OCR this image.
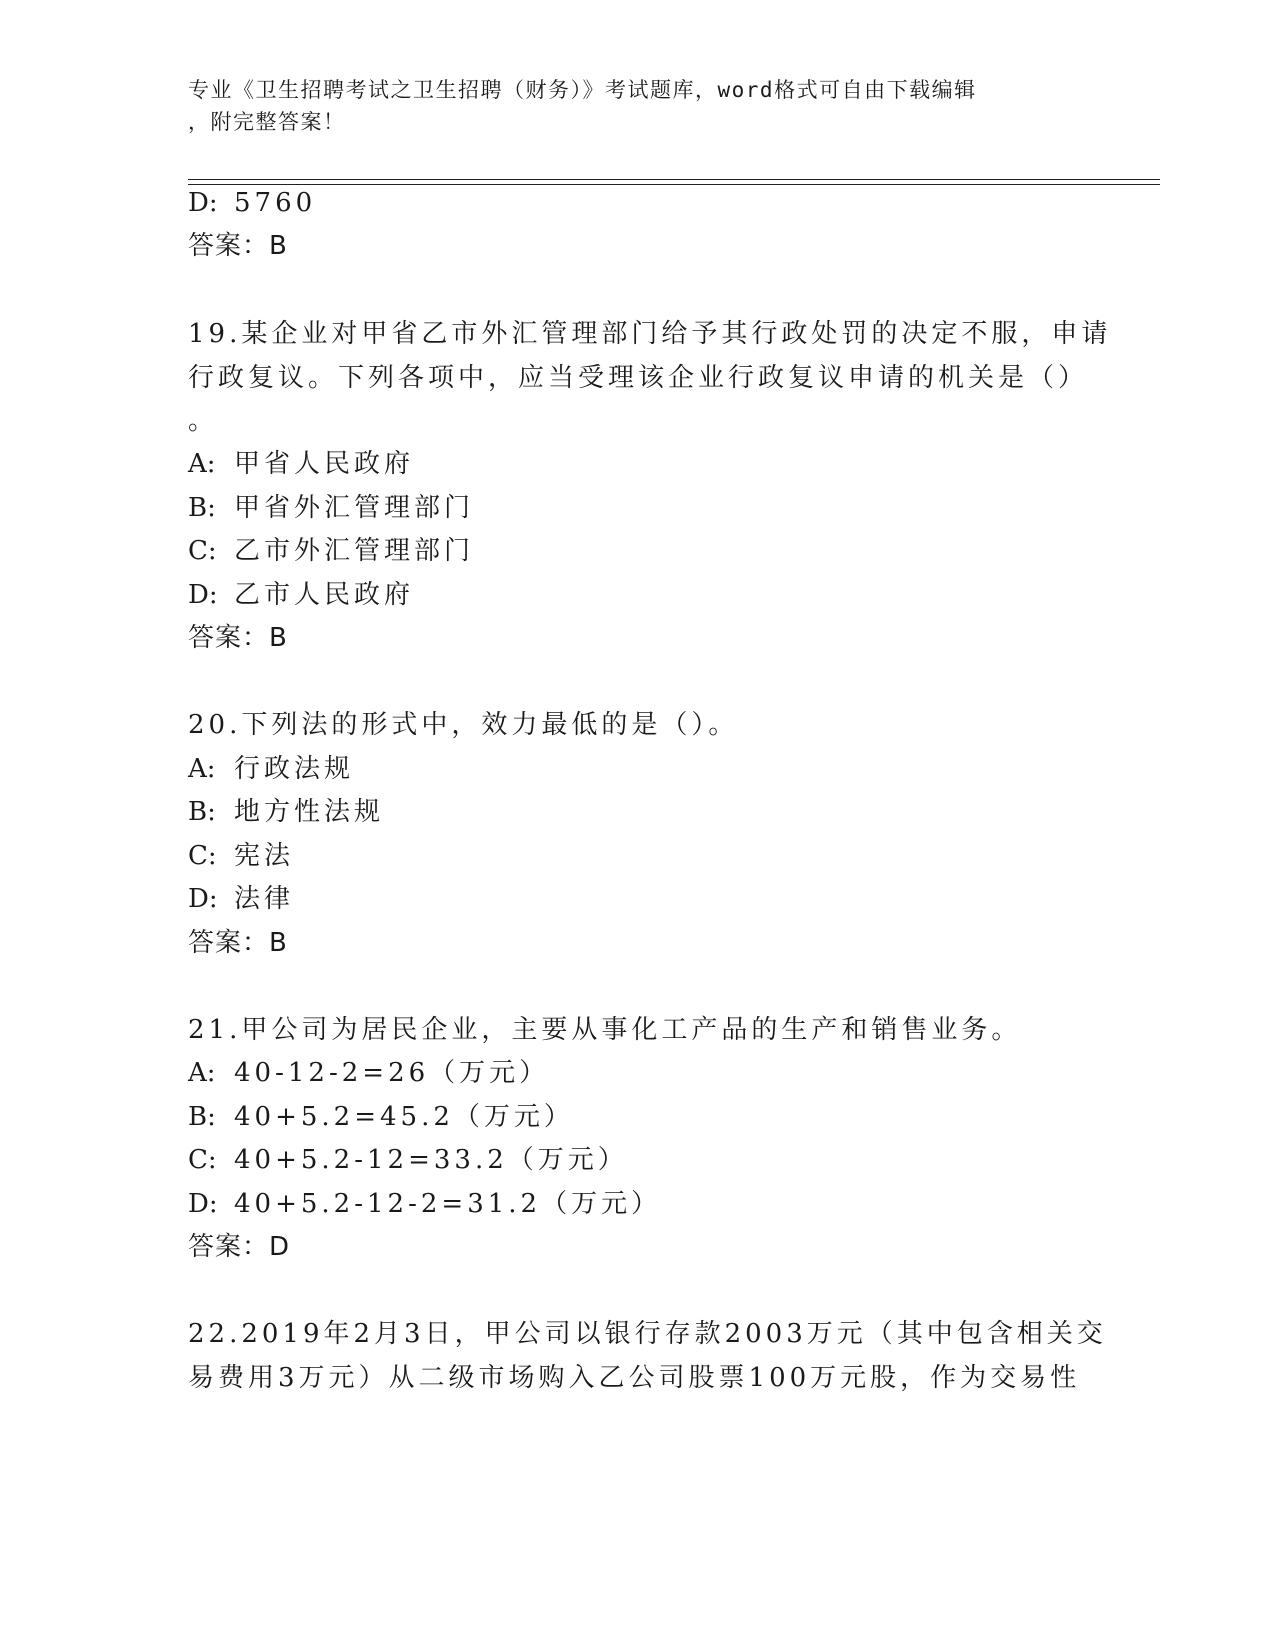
专业《卫生招聘考试之卫生招聘（财务）》考试题库，word格式可自由下载编辑
，附完整答案！
D: 5760
答案：B
19.某企业对甲省乙市外汇管理部门给予其行政处罚的决定不服，申请
行政复议。下列各项中，应当受理该企业行政复议申请的机关是（）
。
A: 甲省人民政府
B: 甲省外汇管理部门
C: 乙市外汇管理部门
D: 乙市人民政府
答案：B
20.下列法的形式中，效力最低的是（）。
A: 行政法规
B: 地方性法规
C: 宪法
D: 法律
答案：B
21.甲公司为居民企业，主要从事化工产品的生产和销售业务。
A: 40-12-2=26（万元）
B: 40+5.2=45.2（万元）
C: 40+5.2-12=33.2（万元）
D: 40+5.2-12-2=31.2（万元）
答案：D
22.2019年2月3日，甲公司以银行存款2003万元（其中包含相关交
易费用3万元）从二级市场购入乙公司股票100万元股，作为交易性
